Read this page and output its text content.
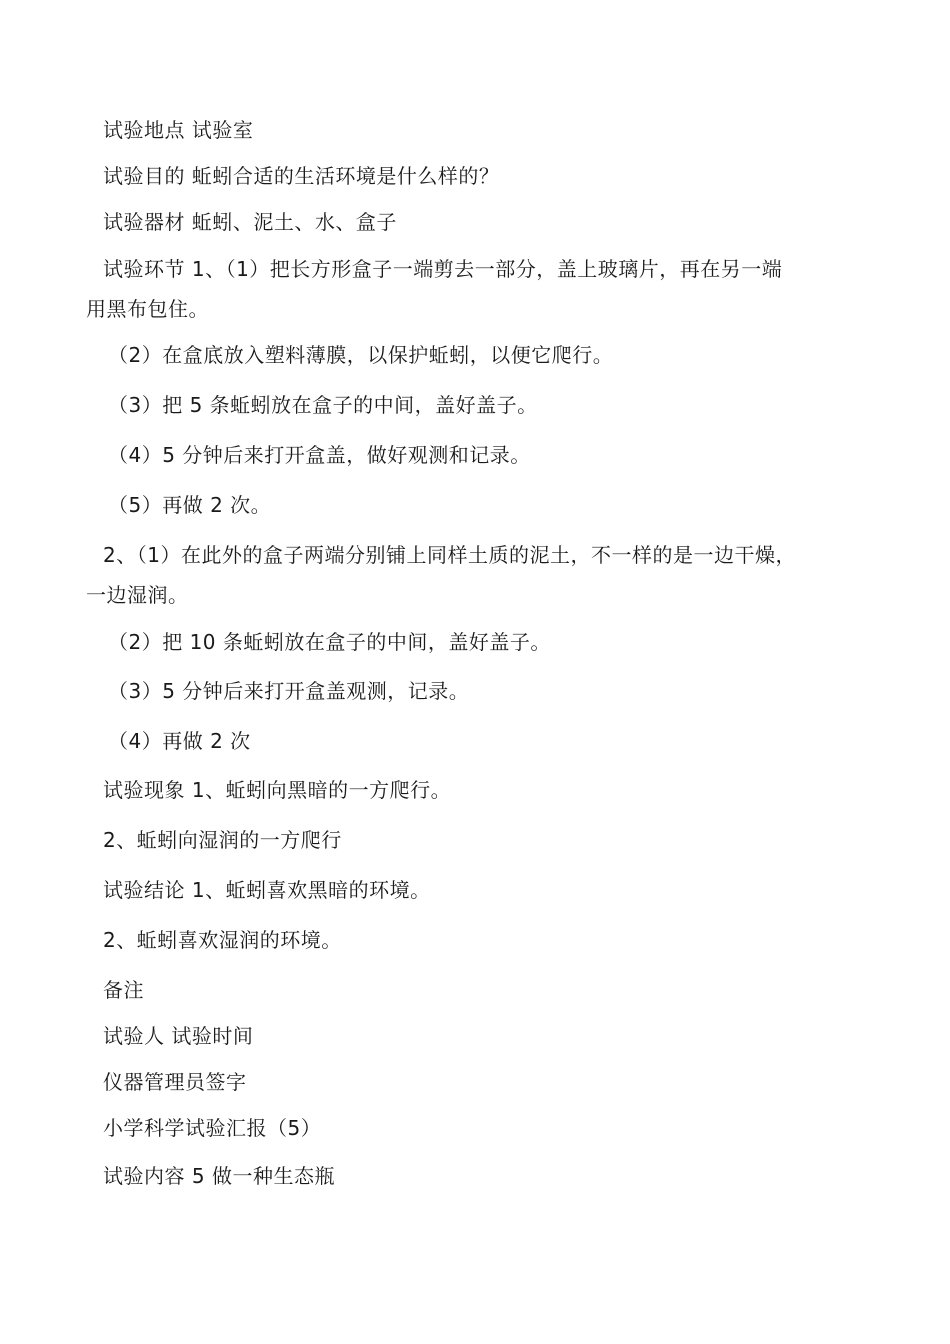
试验地点 试验室
试验目的 蚯蚓合适的生活环境是什么样的？
试验器材 蚯蚓、泥土、水、盒子
试验环节 1、（1）把长方形盒子一端剪去一部分，盖上玻璃片，再在另一端
用黑布包住。
（2）在盒底放入塑料薄膜，以保护蚯蚓，以便它爬行。
（3）把 5 条蚯蚓放在盒子的中间，盖好盖子。
（4）5 分钟后来打开盒盖，做好观测和记录。
（5）再做 2 次。
2、（1）在此外的盒子两端分别铺上同样土质的泥土，不一样的是一边干燥，
一边湿润。
（2）把 10 条蚯蚓放在盒子的中间，盖好盖子。
（3）5 分钟后来打开盒盖观测，记录。
（4）再做 2 次
试验现象 1、蚯蚓向黑暗的一方爬行。
2、蚯蚓向湿润的一方爬行
试验结论 1、蚯蚓喜欢黑暗的环境。
2、蚯蚓喜欢湿润的环境。
备注
试验人 试验时间
仪器管理员签字
小学科学试验汇报（5）
试验内容 5 做一种生态瓶
